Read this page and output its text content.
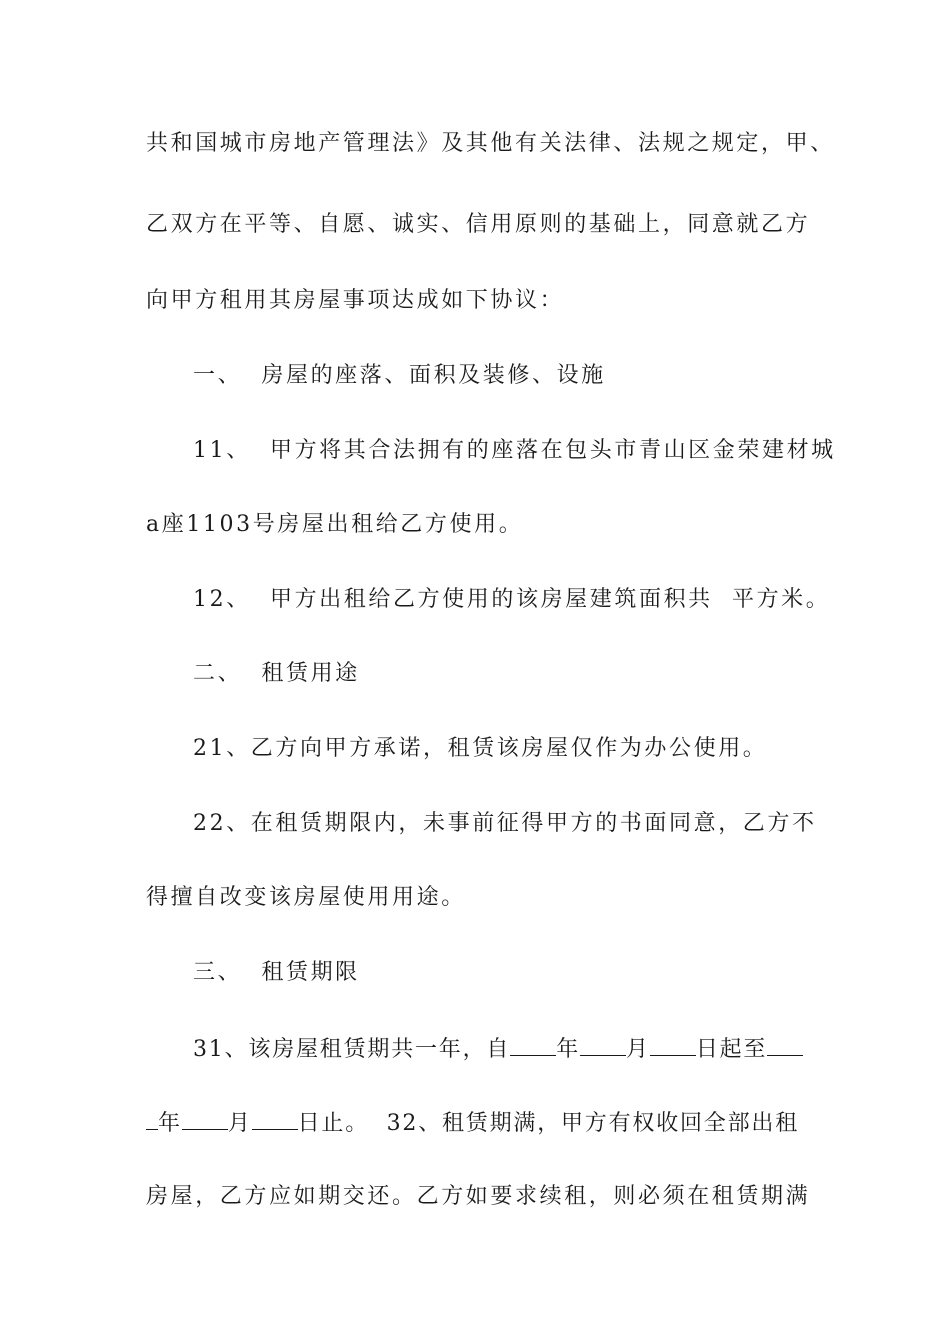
共和国城市房地产管理法》及其他有关法律、法规之规定，甲、
乙双方在平等、自愿、诚实、信用原则的基础上，同意就乙方
向甲方租用其房屋事项达成如下协议：
一、  房屋的座落、面积及装修、设施
11、  甲方将其合法拥有的座落在包头市青山区金荣建材城
a座1103号房屋出租给乙方使用。
12、  甲方出租给乙方使用的该房屋建筑面积共  平方米。
二、  租赁用途
21、乙方向甲方承诺，租赁该房屋仅作为办公使用。
22、在租赁期限内，未事前征得甲方的书面同意，乙方不
得擅自改变该房屋使用用途。
三、  租赁期限
31、该房屋租赁期共一年，自 年 月 日起至
年 月 日止。  32、租赁期满，甲方有权收回全部出租
房屋，乙方应如期交还。乙方如要求续租，则必须在租赁期满
